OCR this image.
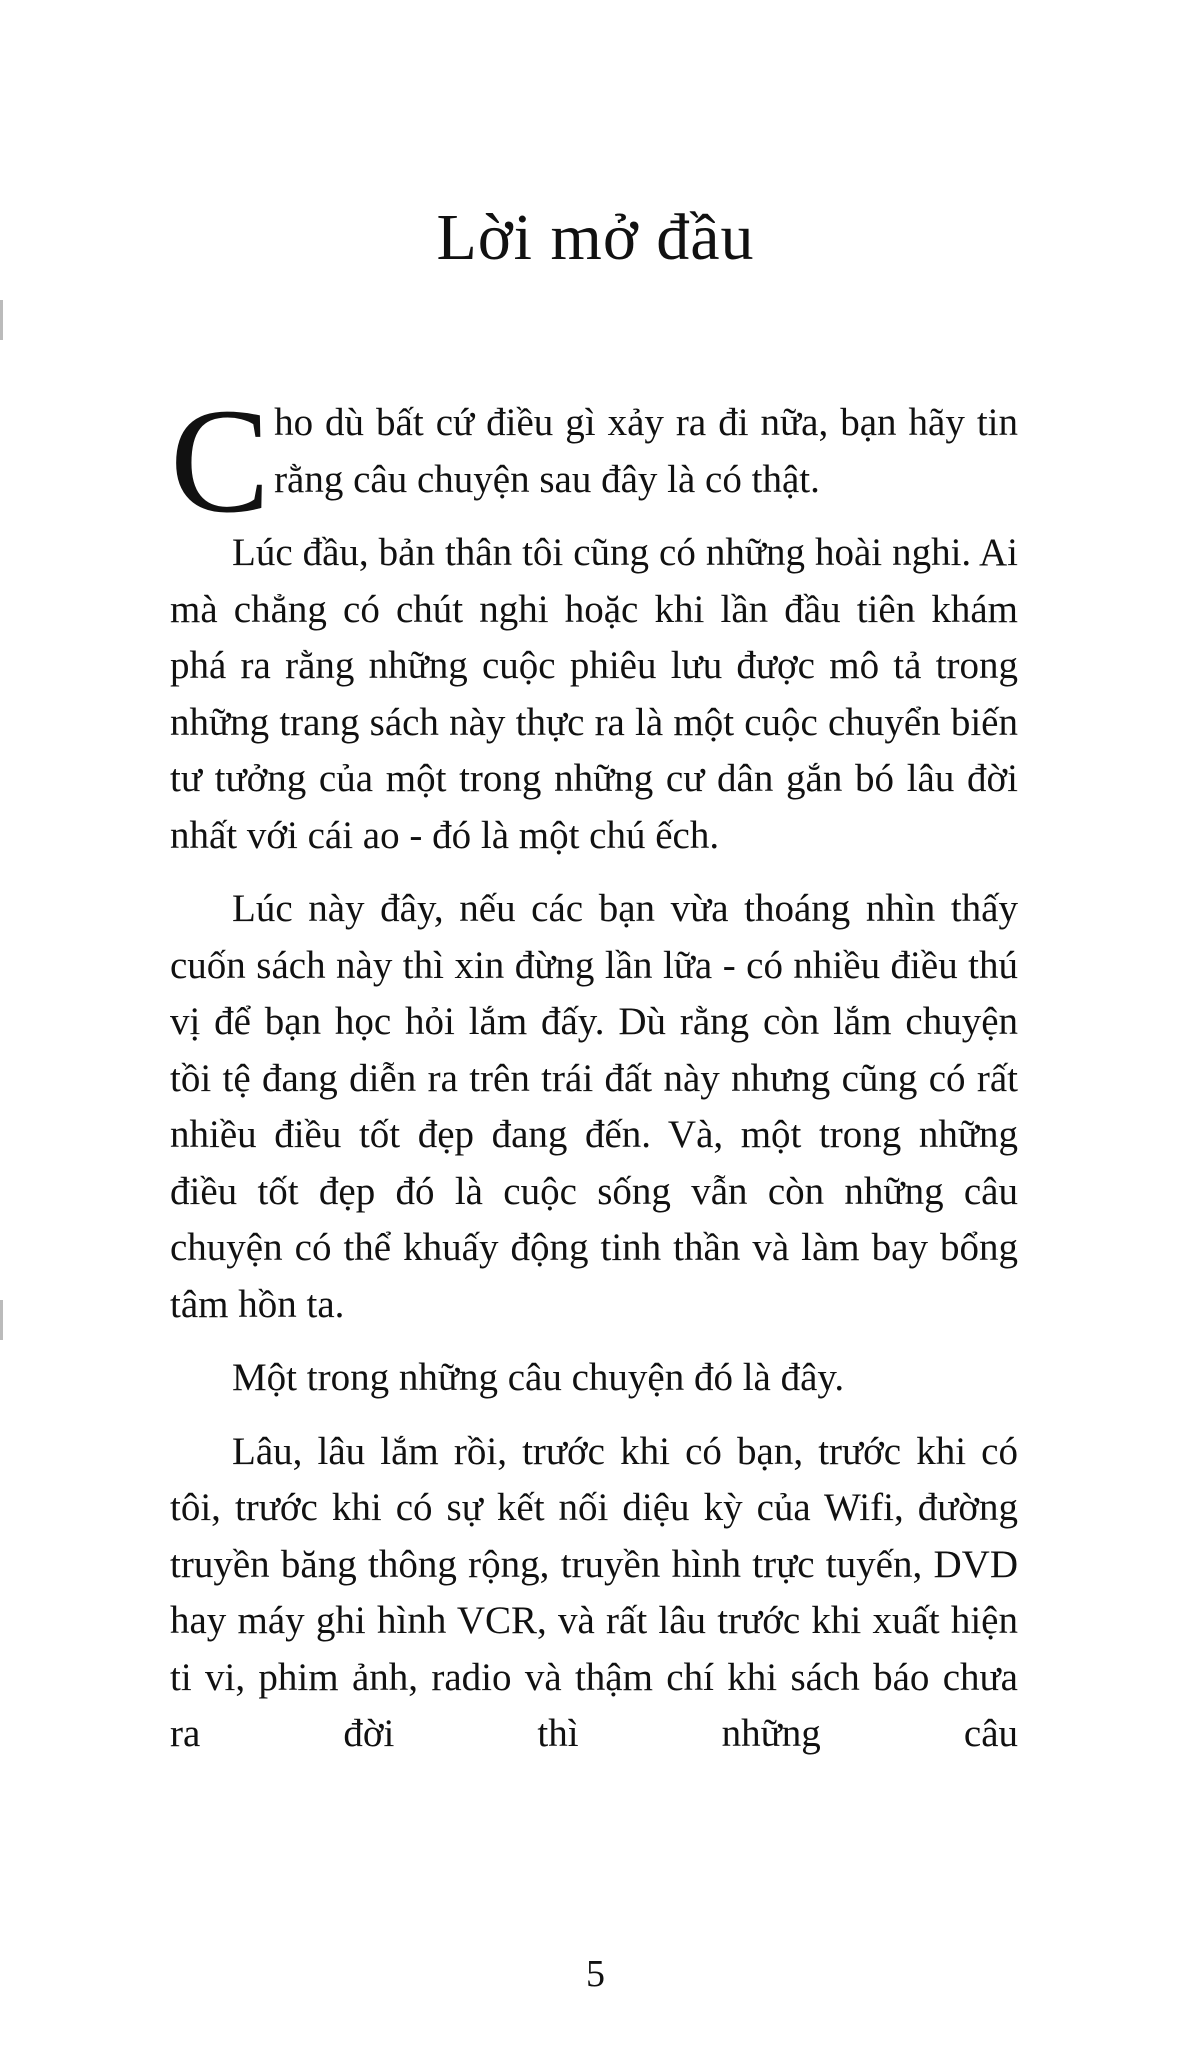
Lời mở đầu

Cho dù bất cứ điều gì xảy ra đi nữa, bạn hãy tin rằng câu chuyện sau đây là có thật.

Lúc đầu, bản thân tôi cũng có những hoài nghi. Ai mà chẳng có chút nghi hoặc khi lần đầu tiên khám phá ra rằng những cuộc phiêu lưu được mô tả trong những trang sách này thực ra là một cuộc chuyển biến tư tưởng của một trong những cư dân gắn bó lâu đời nhất với cái ao - đó là một chú ếch.

Lúc này đây, nếu các bạn vừa thoáng nhìn thấy cuốn sách này thì xin đừng lần lữa - có nhiều điều thú vị để bạn học hỏi lắm đấy. Dù rằng còn lắm chuyện tồi tệ đang diễn ra trên trái đất này nhưng cũng có rất nhiều điều tốt đẹp đang đến. Và, một trong những điều tốt đẹp đó là cuộc sống vẫn còn những câu chuyện có thể khuấy động tinh thần và làm bay bổng tâm hồn ta.

Một trong những câu chuyện đó là đây.

Lâu, lâu lắm rồi, trước khi có bạn, trước khi có tôi, trước khi có sự kết nối diệu kỳ của Wifi, đường truyền băng thông rộng, truyền hình trực tuyến, DVD hay máy ghi hình VCR, và rất lâu trước khi xuất hiện ti vi, phim ảnh, radio và thậm chí khi sách báo chưa ra đời thì những câu

5
